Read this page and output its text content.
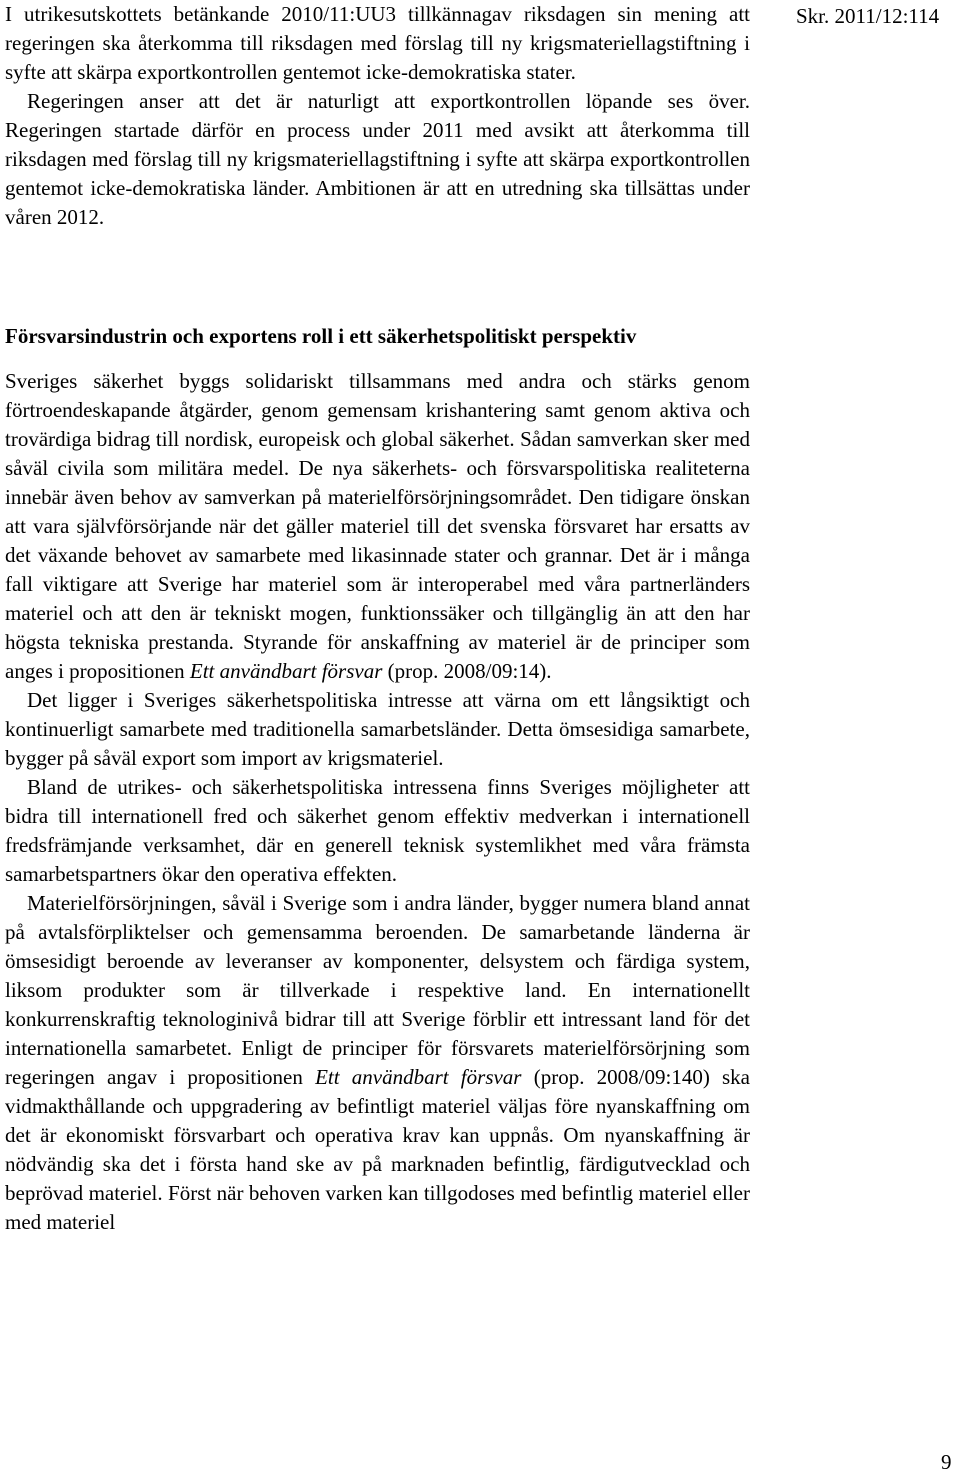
Skr. 2011/12:114

I utrikesutskottets betänkande 2010/11:UU3 tillkännagav riksdagen sin mening att regeringen ska återkomma till riksdagen med förslag till ny krigsmateriellagstiftning i syfte att skärpa exportkontrollen gentemot icke-demokratiska stater.

Regeringen anser att det är naturligt att exportkontrollen löpande ses över. Regeringen startade därför en process under 2011 med avsikt att återkomma till riksdagen med förslag till ny krigsmateriellagstiftning i syfte att skärpa exportkontrollen gentemot icke-demokratiska länder. Ambitionen är att en utredning ska tillsättas under våren 2012.

Försvarsindustrin och exportens roll i ett säkerhetspolitiskt perspektiv

Sveriges säkerhet byggs solidariskt tillsammans med andra och stärks genom förtroendeskapande åtgärder, genom gemensam krishantering samt genom aktiva och trovärdiga bidrag till nordisk, europeisk och global säkerhet. Sådan samverkan sker med såväl civila som militära medel. De nya säkerhets- och försvarspolitiska realiteterna innebär även behov av samverkan på materielförsörjningsområdet. Den tidigare önskan att vara självförsörjande när det gäller materiel till det svenska försvaret har ersatts av det växande behovet av samarbete med likasinnade stater och grannar. Det är i många fall viktigare att Sverige har materiel som är interoperabel med våra partnerländers materiel och att den är tekniskt mogen, funktionssäker och tillgänglig än att den har högsta tekniska prestanda. Styrande för anskaffning av materiel är de principer som anges i propositionen Ett användbart försvar (prop. 2008/09:14).

Det ligger i Sveriges säkerhetspolitiska intresse att värna om ett långsiktigt och kontinuerligt samarbete med traditionella samarbetsländer. Detta ömsesidiga samarbete, bygger på såväl export som import av krigsmateriel.

Bland de utrikes- och säkerhetspolitiska intressena finns Sveriges möjligheter att bidra till internationell fred och säkerhet genom effektiv medverkan i internationell fredsfrämjande verksamhet, där en generell teknisk systemlikhet med våra främsta samarbetspartners ökar den operativa effekten.

Materielförsörjningen, såväl i Sverige som i andra länder, bygger numera bland annat på avtalsförpliktelser och gemensamma beroenden. De samarbetande länderna är ömsesidigt beroende av leveranser av komponenter, delsystem och färdiga system, liksom produkter som är tillverkade i respektive land. En internationellt konkurrenskraftig teknologinivå bidrar till att Sverige förblir ett intressant land för det internationella samarbetet. Enligt de principer för försvarets materielförsörjning som regeringen angav i propositionen Ett användbart försvar (prop. 2008/09:140) ska vidmakthållande och uppgradering av befintligt materiel väljas före nyanskaffning om det är ekonomiskt försvarbart och operativa krav kan uppnås. Om nyanskaffning är nödvändig ska det i första hand ske av på marknaden befintlig, färdigutvecklad och beprövad materiel. Först när behoven varken kan tillgodoses med befintlig materiel eller med materiel

9
